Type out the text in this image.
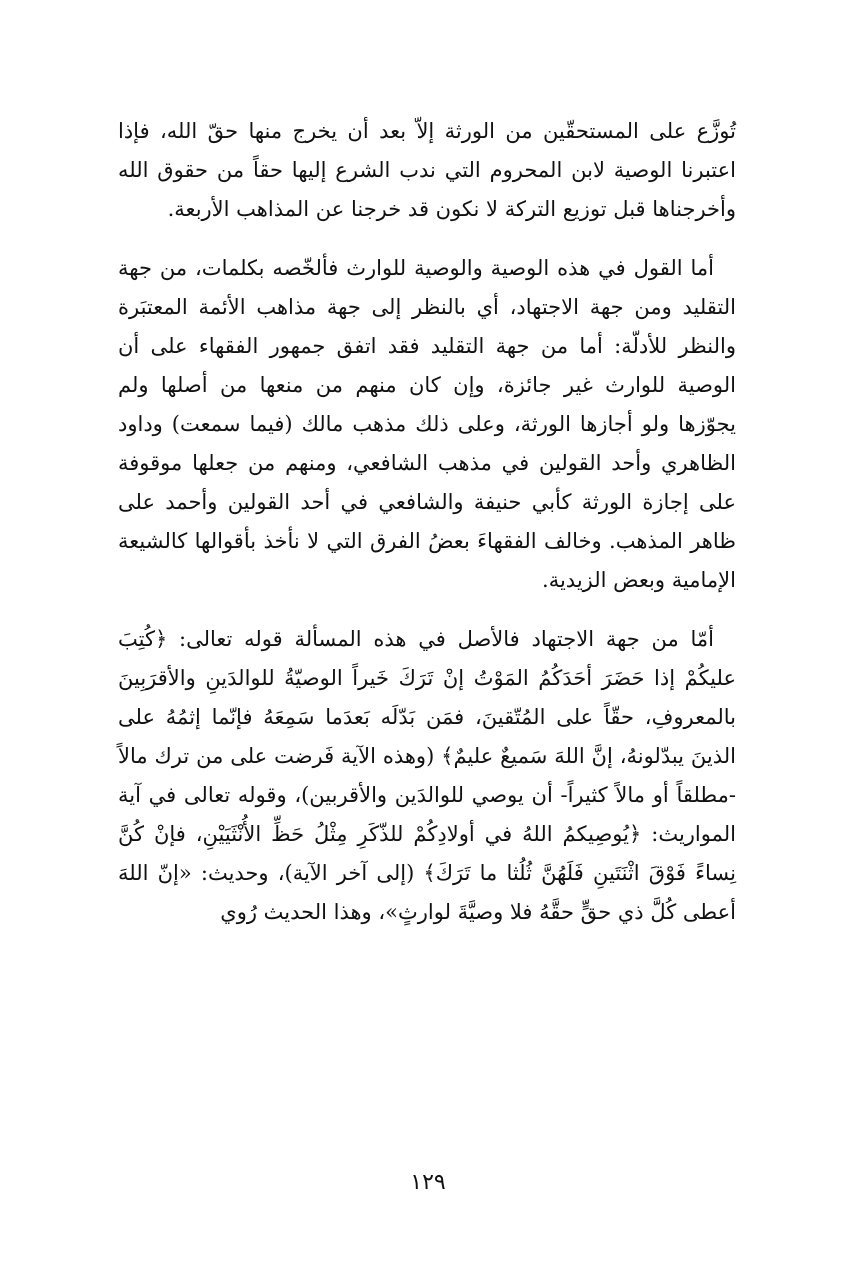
تُوزَّع على المستحقّين من الورثة إلاّ بعد أن يخرج منها حقّ الله، فإذا اعتبرنا الوصية لابن المحروم التي ندب الشرع إليها حقاً من حقوق الله وأخرجناها قبل توزيع التركة لا نكون قد خرجنا عن المذاهب الأربعة.

أما القول في هذه الوصية والوصية للوارث فألخّصه بكلمات، من جهة التقليد ومن جهة الاجتهاد، أي بالنظر إلى جهة مذاهب الأئمة المعتبَرة والنظر للأدلّة: أما من جهة التقليد فقد اتفق جمهور الفقهاء على أن الوصية للوارث غير جائزة، وإن كان منهم من منعها من أصلها ولم يجوّزها ولو أجازها الورثة، وعلى ذلك مذهب مالك (فيما سمعت) وداود الظاهري وأحد القولين في مذهب الشافعي، ومنهم من جعلها موقوفة على إجازة الورثة كأبي حنيفة والشافعي في أحد القولين وأحمد على ظاهر المذهب. وخالف الفقهاءَ بعضُ الفرق التي لا نأخذ بأقوالها كالشيعة الإمامية وبعض الزيدية.

أمّا من جهة الاجتهاد فالأصل في هذه المسألة قوله تعالى: ﴿كُتِبَ عليكُمْ إذا حَضَرَ أحَدَكُمُ المَوْتُ إنْ تَرَكَ خَيراً الوصيّةُ للوالدَينِ والأقرَبِينَ بالمعروفِ، حقّاً على المُتّقينَ، فمَن بَدّلَه بَعدَما سَمِعَهُ فإنّما إثمُهُ على الذينَ يبدّلونهُ، إنَّ اللهَ سَميعٌ عليمٌ﴾ (وهذه الآية فَرضت على من ترك مالاً -مطلقاً أو مالاً كثيراً- أن يوصي للوالدَين والأقربين)، وقوله تعالى في آية المواريث: ﴿يُوصِيكمُ اللهُ في أولادِكُمْ للذّكَرِ مِثْلُ حَظِّ الأُنْثَيَيْنِ، فإنْ كُنَّ نِساءً فَوْقَ اثْنَتَينِ فَلَهُنَّ ثُلُثا ما تَرَكَ﴾ (إلى آخر الآية)، وحديث: «إنّ اللهَ أعطى كُلَّ ذي حقٍّ حقَّهُ فلا وصيَّةَ لوارثٍ»، وهذا الحديث رُوي

١٢٩
